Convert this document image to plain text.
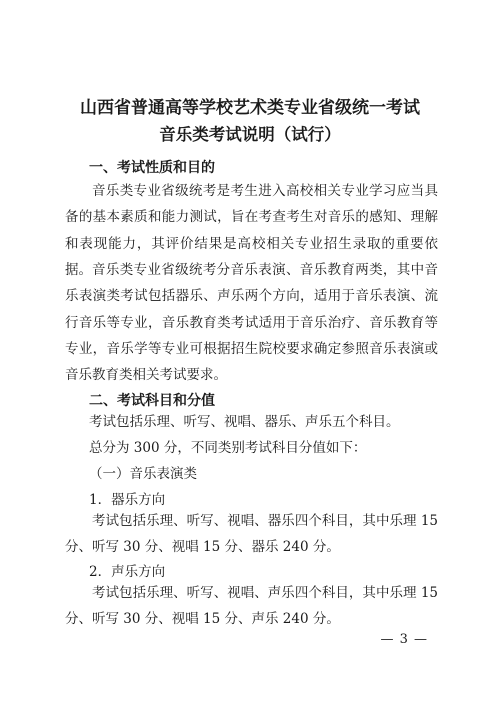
山西省普通高等学校艺术类专业省级统一考试
音乐类考试说明（试行）
一、考试性质和目的

音乐类专业省级统考是考生进入高校相关专业学习应当具备的基本素质和能力测试，旨在考查考生对音乐的感知、理解和表现能力，其评价结果是高校相关专业招生录取的重要依据。 音乐类专业省级统考分音乐表演、音乐教育两类，其中音乐表演类考试包括器乐、声乐两个方向，适用于音乐表演、流行音乐等专业，音乐教育类考试适用于音乐治疗、音乐教育等专业，音乐学等专业可根据招生院校要求确定参照音乐表演或音乐教育类相关考试要求。

二、考试科目和分值
考试包括乐理、听写、视唱、器乐、声乐五个科目。
总分为 300 分，不同类别考试科目分值如下：
（一）音乐表演类
1．器乐方向

考试包括乐理、听写、视唱、器乐四个科目，其中乐理 15 分、听写 30 分、视唱 15 分、器乐 240 分。

2．声乐方向

考试包括乐理、听写、视唱、声乐四个科目，其中乐理 15 分、听写 30 分、视唱 15 分、声乐 240 分。

— 3 —
